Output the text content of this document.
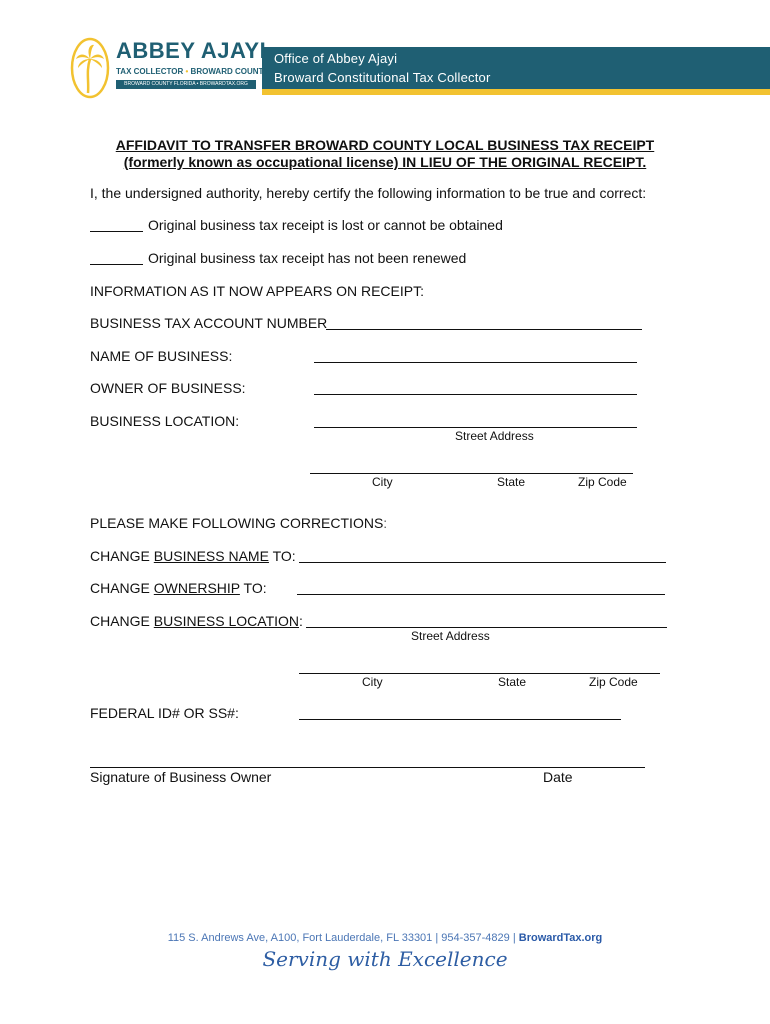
Office of Abbey Ajayi
Broward Constitutional Tax Collector
ABBEY AJAYI
TAX COLLECTOR • BROWARD COUNTY
BROWARD COUNTY FLORIDA • BROWARDTAX.ORG
AFFIDAVIT TO TRANSFER BROWARD COUNTY LOCAL BUSINESS TAX RECEIPT
(formerly known as occupational license) IN LIEU OF THE ORIGINAL RECEIPT.
I, the undersigned authority, hereby certify the following information to be true and correct:
Original business tax receipt is lost or cannot be obtained
Original business tax receipt has not been renewed
INFORMATION AS IT NOW APPEARS ON RECEIPT:
BUSINESS TAX ACCOUNT NUMBER
NAME OF BUSINESS:
OWNER OF BUSINESS:
BUSINESS LOCATION:
Street Address
City	State	Zip Code
PLEASE MAKE FOLLOWING CORRECTIONS:
CHANGE BUSINESS NAME TO:
CHANGE OWNERSHIP TO:
CHANGE BUSINESS LOCATION:
Street Address
City	State	Zip Code
FEDERAL ID# OR SS#:
Signature of Business Owner	Date
115 S. Andrews Ave, A100, Fort Lauderdale, FL 33301 | 954-357-4829 | BrowardTax.org
Serving with Excellence
